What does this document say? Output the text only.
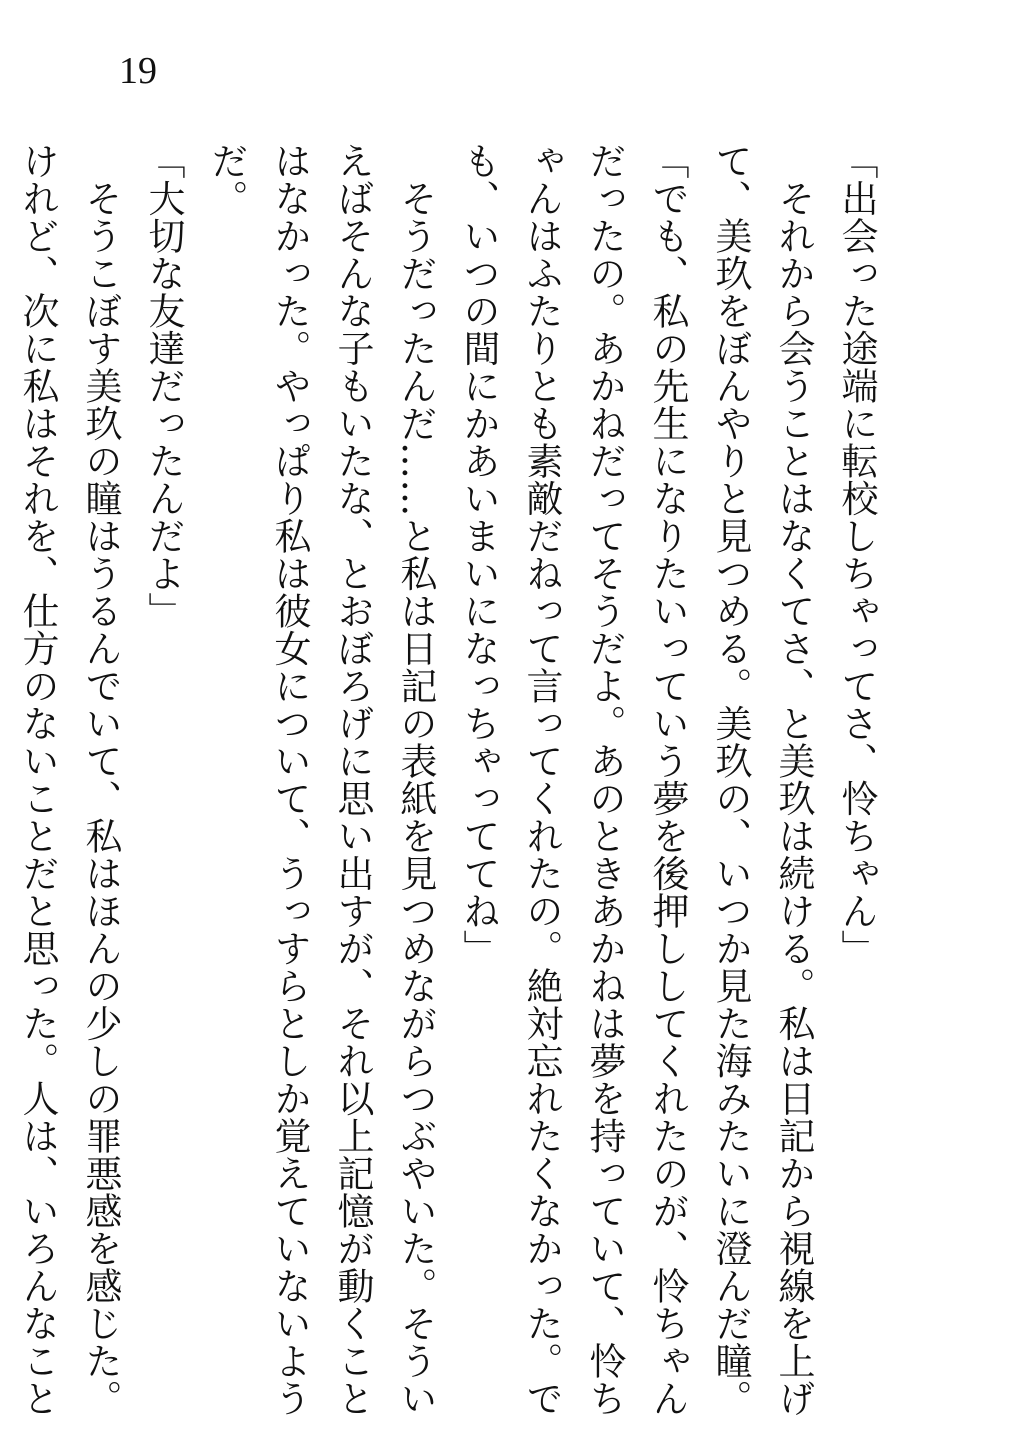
19
「出会った途端に転校しちゃってさ、怜ちゃん」
　それから会うことはなくてさ、と美玖は続ける。私は日記から視線を上げ
て、美玖をぼんやりと見つめる。美玖の、いつか見た海みたいに澄んだ瞳。
「でも、私の先生になりたいっていう夢を後押ししてくれたのが、怜ちゃん
だったの。あかねだってそうだよ。あのときあかねは夢を持っていて、怜ち
ゃんはふたりとも素敵だねって言ってくれたの。絶対忘れたくなかった。で
も、いつの間にかあいまいになっちゃっててね」
　そうだったんだ……と私は日記の表紙を見つめながらつぶやいた。そうい
えばそんな子もいたな、とおぼろげに思い出すが、それ以上記憶が動くこと
はなかった。やっぱり私は彼女について、うっすらとしか覚えていないよう
だ。
「大切な友達だったんだよ」
　そうこぼす美玖の瞳はうるんでいて、私はほんの少しの罪悪感を感じた。
けれど、次に私はそれを、仕方のないことだと思った。人は、いろんなこと
